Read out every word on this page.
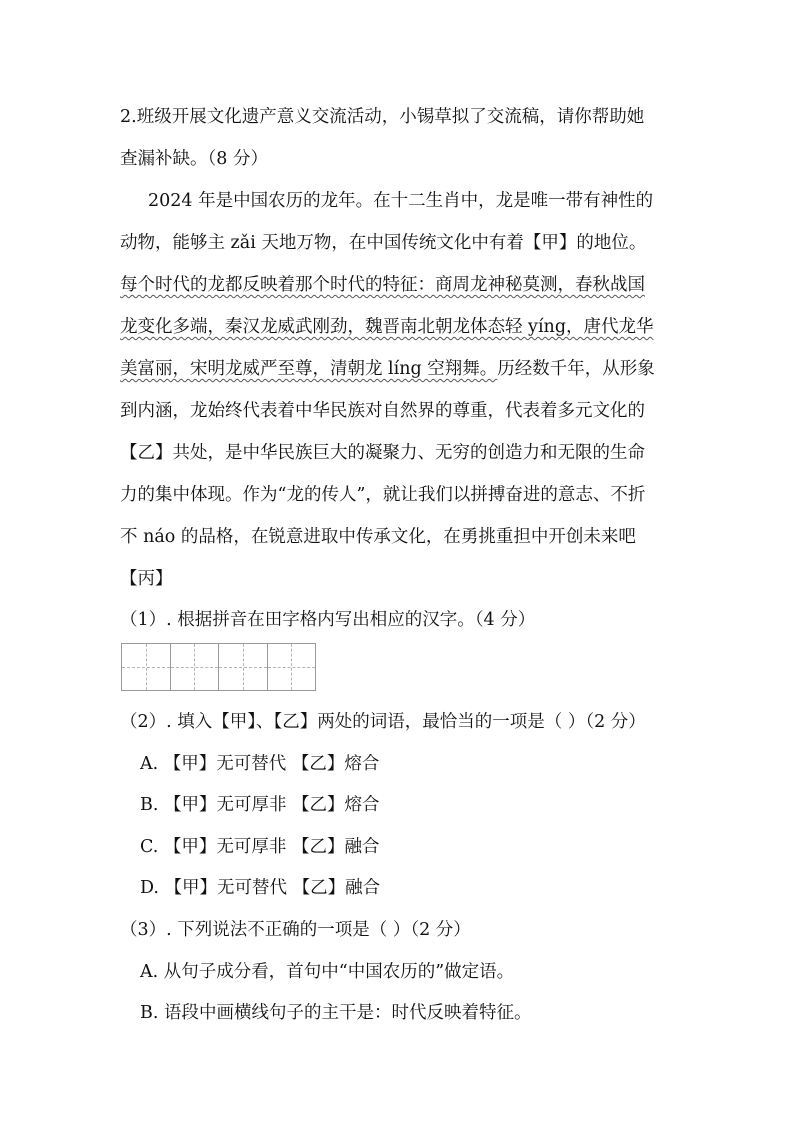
2.班级开展文化遗产意义交流活动，小锡草拟了交流稿，请你帮助她
查漏补缺。（8 分）
2024 年是中国农历的龙年。在十二生肖中，龙是唯一带有神性的
动物，能够主 zǎi 天地万物，在中国传统文化中有着【甲】的地位。
每个时代的龙都反映着那个时代的特征：商周龙神秘莫测，春秋战国
龙变化多端，秦汉龙威武刚劲，魏晋南北朝龙体态轻 yíng，唐代龙华
美富丽，宋明龙威严至尊，清朝龙 líng 空翔舞。历经数千年，从形象
到内涵，龙始终代表着中华民族对自然界的尊重，代表着多元文化的
【乙】共处，是中华民族巨大的凝聚力、无穷的创造力和无限的生命
力的集中体现。作为“龙的传人”，就让我们以拼搏奋进的意志、不折
不 náo 的品格，在锐意进取中传承文化，在勇挑重担中开创未来吧
【丙】
（1）. 根据拼音在田字格内写出相应的汉字。（4 分）
（2）. 填入【甲】、【乙】两处的词语，最恰当的一项是（ ）（2 分）
A. 【甲】无可替代 【乙】熔合
B. 【甲】无可厚非 【乙】熔合
C. 【甲】无可厚非 【乙】融合
D. 【甲】无可替代 【乙】融合
（3）. 下列说法不正确的一项是（ ）（2 分）
A. 从句子成分看，首句中“中国农历的”做定语。
B. 语段中画横线句子的主干是：时代反映着特征。
